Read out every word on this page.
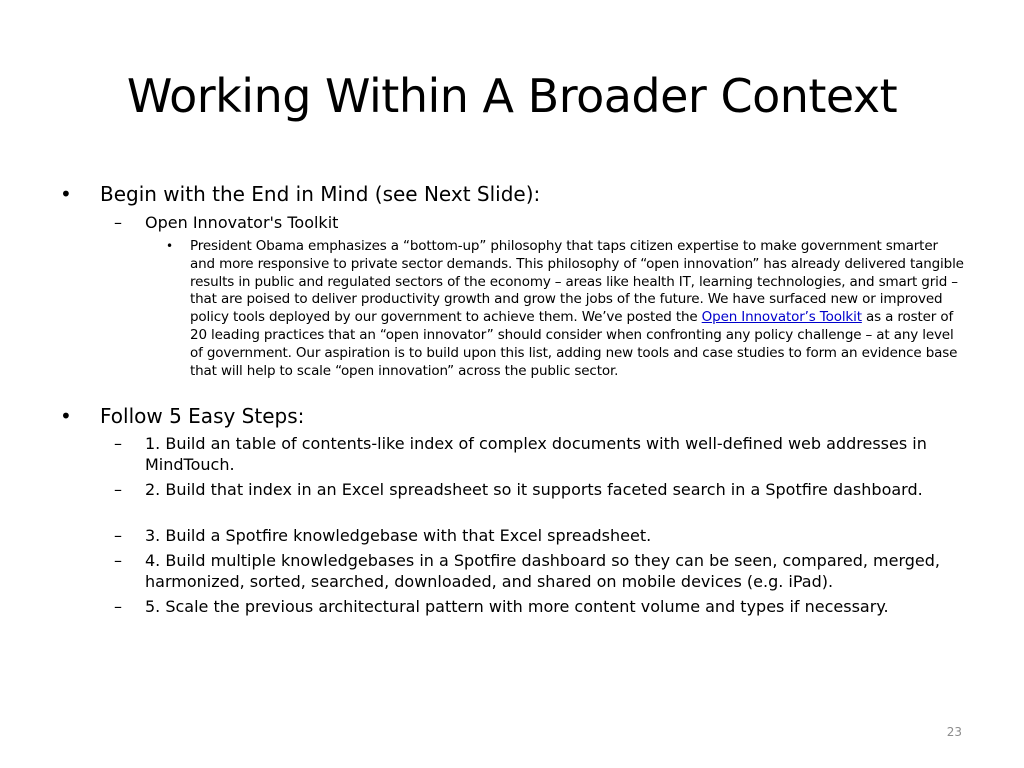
Working Within A Broader Context
• Begin with the End in Mind (see Next Slide):
– Open Innovator's Toolkit
• President Obama emphasizes a “bottom-up” philosophy that taps citizen expertise to make government smarter and more responsive to private sector demands. This philosophy of “open innovation” has already delivered tangible results in public and regulated sectors of the economy – areas like health IT, learning technologies, and smart grid – that are poised to deliver productivity growth and grow the jobs of the future. We have surfaced new or improved policy tools deployed by our government to achieve them. We’ve posted the Open Innovator’s Toolkit as a roster of 20 leading practices that an “open innovator” should consider when confronting any policy challenge – at any level of government. Our aspiration is to build upon this list, adding new tools and case studies to form an evidence base that will help to scale “open innovation” across the public sector.
• Follow 5 Easy Steps:
– 1. Build an table of contents-like index of complex documents with well-defined web addresses in MindTouch.
– 2. Build that index in an Excel spreadsheet so it supports faceted search in a Spotfire dashboard.
– 3. Build a Spotfire knowledgebase with that Excel spreadsheet.
– 4. Build multiple knowledgebases in a Spotfire dashboard so they can be seen, compared, merged, harmonized, sorted, searched, downloaded, and shared on mobile devices (e.g. iPad).
– 5. Scale the previous architectural pattern with more content volume and types if necessary.
23
